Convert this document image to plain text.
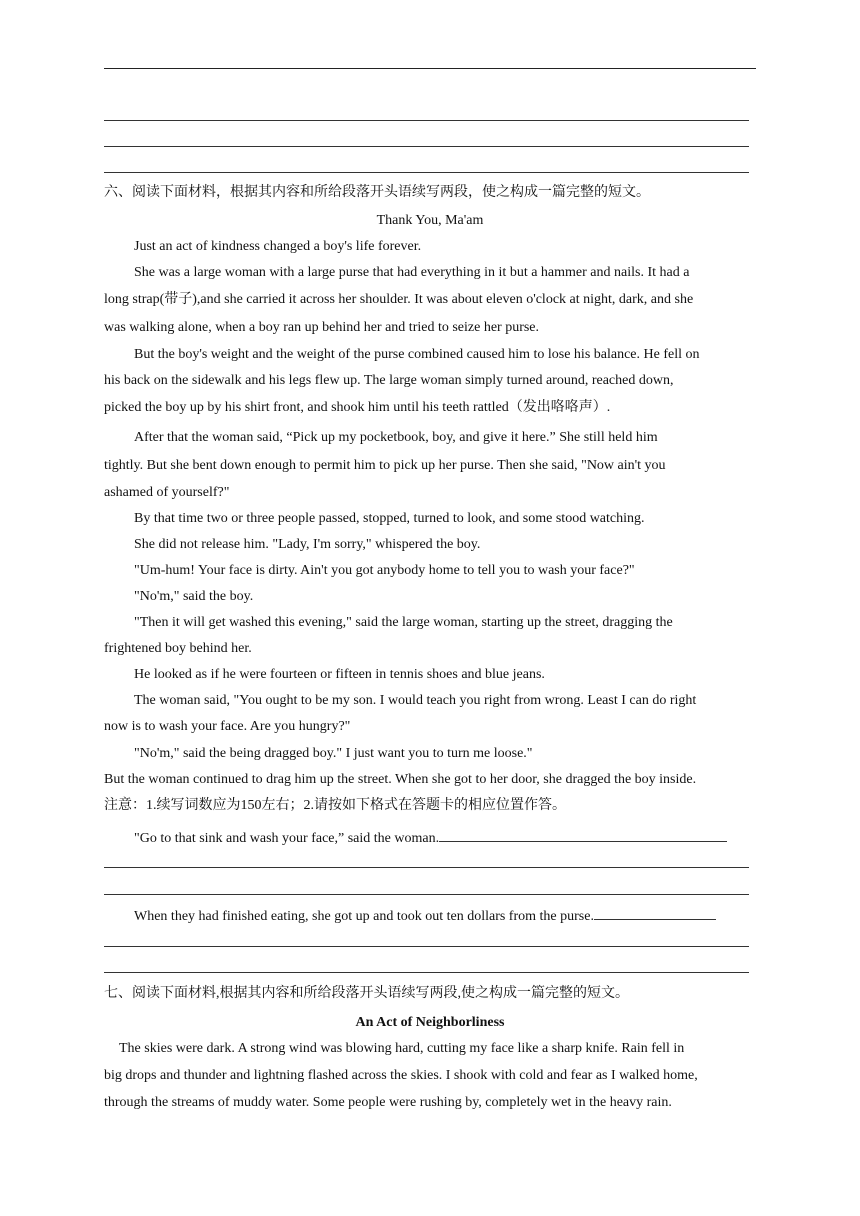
六、阅读下面材料，根据其内容和所给段落开头语续写两段，使之构成一篇完整的短文。
Thank You, Ma'am
Just an act of kindness changed a boy's life forever.
She was a large woman with a large purse that had everything in it but a hammer and nails. It had a
long strap(带子),and she carried it across her shoulder. It was about eleven o'clock at night, dark, and she
was walking alone, when a boy ran up behind her and tried to seize her purse.
But the boy's weight and the weight of the purse combined caused him to lose his balance. He fell on
his back on the sidewalk and his legs flew up. The large woman simply turned around, reached down,
picked the boy up by his shirt front, and shook him until his teeth rattled（发出咯咯声）.
After that the woman said, “Pick up my pocketbook, boy, and give it here.” She still held him
tightly. But she bent down enough to permit him to pick up her purse. Then she said, "Now ain't you
ashamed of yourself?"
By that time two or three people passed, stopped, turned to look, and some stood watching.
She did not release him. "Lady, I'm sorry," whispered the boy.
"Um-hum! Your face is dirty. Ain't you got anybody home to tell you to wash your face?"
"No'm," said the boy.
"Then it will get washed this evening," said the large woman, starting up the street, dragging the
frightened boy behind her.
He looked as if he were fourteen or fifteen in tennis shoes and blue jeans.
The woman said, "You ought to be my son. I would teach you right from wrong. Least I can do right
now is to wash your face. Are you hungry?"
"No'm," said the being dragged boy." I just want you to turn me loose."
But the woman continued to drag him up the street. When she got to her door, she dragged the boy inside.
注意：1.续写词数应为150左右；2.请按如下格式在答题卡的相应位置作答。
"Go to that sink and wash your face,” said the woman.
When they had finished eating, she got up and took out ten dollars from the purse.
七、阅读下面材料,根据其内容和所给段落开头语续写两段,使之构成一篇完整的短文。
An Act of Neighborliness
The skies were dark. A strong wind was blowing hard, cutting my face like a sharp knife. Rain fell in
big drops and thunder and lightning flashed across the skies. I shook with cold and fear as I walked home,
through the streams of muddy water. Some people were rushing by, completely wet in the heavy rain.
